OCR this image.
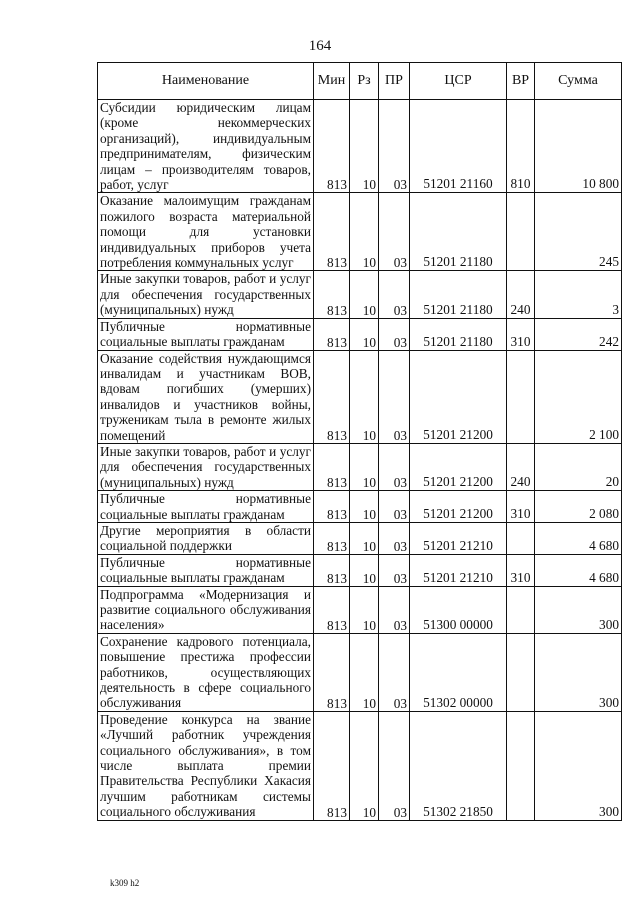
164
Наименование	Мин	Рз	ПР	ЦСР	ВР	Сумма
Субсидии юридическим лицам (кроме некоммерческих организаций), индивидуальным предпринимателям, физическим лицам – производителям товаров, работ, услуг	813	10	03	51201 21160	810	10 800
Оказание малоимущим гражданам пожилого возраста материальной помощи для установки индивидуальных приборов учета потребления коммунальных услуг	813	10	03	51201 21180		245
Иные закупки товаров, работ и услуг для обеспечения государственных (муниципальных) нужд	813	10	03	51201 21180	240	3
Публичные нормативные социальные выплаты гражданам	813	10	03	51201 21180	310	242
Оказание содействия нуждающимся инвалидам и участникам ВОВ, вдовам погибших (умерших) инвалидов и участников войны, труженикам тыла в ремонте жилых помещений	813	10	03	51201 21200		2 100
Иные закупки товаров, работ и услуг для обеспечения государственных (муниципальных) нужд	813	10	03	51201 21200	240	20
Публичные нормативные социальные выплаты гражданам	813	10	03	51201 21200	310	2 080
Другие мероприятия в области социальной поддержки	813	10	03	51201 21210		4 680
Публичные нормативные социальные выплаты гражданам	813	10	03	51201 21210	310	4 680
Подпрограмма «Модернизация и развитие социального обслуживания населения»	813	10	03	51300 00000		300
Сохранение кадрового потенциала, повышение престижа профессии работников, осуществляющих деятельность в сфере социального обслуживания	813	10	03	51302 00000		300
Проведение конкурса на звание «Лучший работник учреждения социального обслуживания», в том числе выплата премии Правительства Республики Хакасия лучшим работникам системы социального обслуживания	813	10	03	51302 21850		300
k309 h2
